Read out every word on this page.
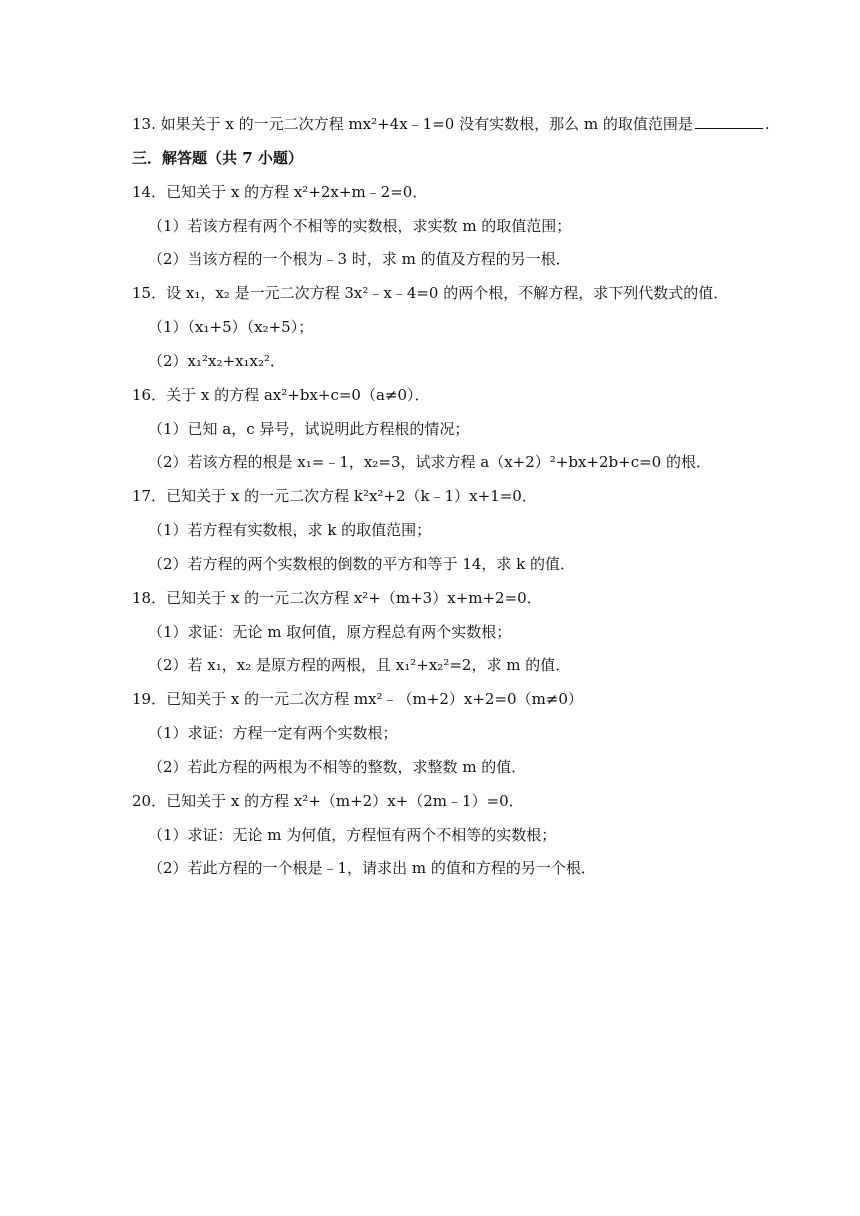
13. 如果关于 x 的一元二次方程 mx²+4x﹣1=0 没有实数根，那么 m 的取值范围是	.
三．解答题（共 7 小题）
14．已知关于 x 的方程 x²+2x+m﹣2=0．
（1）若该方程有两个不相等的实数根，求实数 m 的取值范围；
（2）当该方程的一个根为﹣3 时，求 m 的值及方程的另一根．
15．设 x₁，x₂ 是一元二次方程 3x²﹣x﹣4=0 的两个根，不解方程，求下列代数式的值．
（1）（x₁+5）（x₂+5）；
（2）x₁²x₂+x₁x₂²．
16．关于 x 的方程 ax²+bx+c=0（a≠0）．
（1）已知 a，c 异号，试说明此方程根的情况；
（2）若该方程的根是 x₁=﹣1，x₂=3，试求方程 a（x+2）²+bx+2b+c=0 的根．
17．已知关于 x 的一元二次方程 k²x²+2（k﹣1）x+1=0．
（1）若方程有实数根，求 k 的取值范围；
（2）若方程的两个实数根的倒数的平方和等于 14，求 k 的值．
18．已知关于 x 的一元二次方程 x²+（m+3）x+m+2=0．
（1）求证：无论 m 取何值，原方程总有两个实数根；
（2）若 x₁，x₂ 是原方程的两根，且 x₁²+x₂²=2，求 m 的值．
19．已知关于 x 的一元二次方程 mx²﹣（m+2）x+2=0（m≠0）
（1）求证：方程一定有两个实数根；
（2）若此方程的两根为不相等的整数，求整数 m 的值．
20．已知关于 x 的方程 x²+（m+2）x+（2m﹣1）=0．
（1）求证：无论 m 为何值，方程恒有两个不相等的实数根；
（2）若此方程的一个根是﹣1，请求出 m 的值和方程的另一个根．
